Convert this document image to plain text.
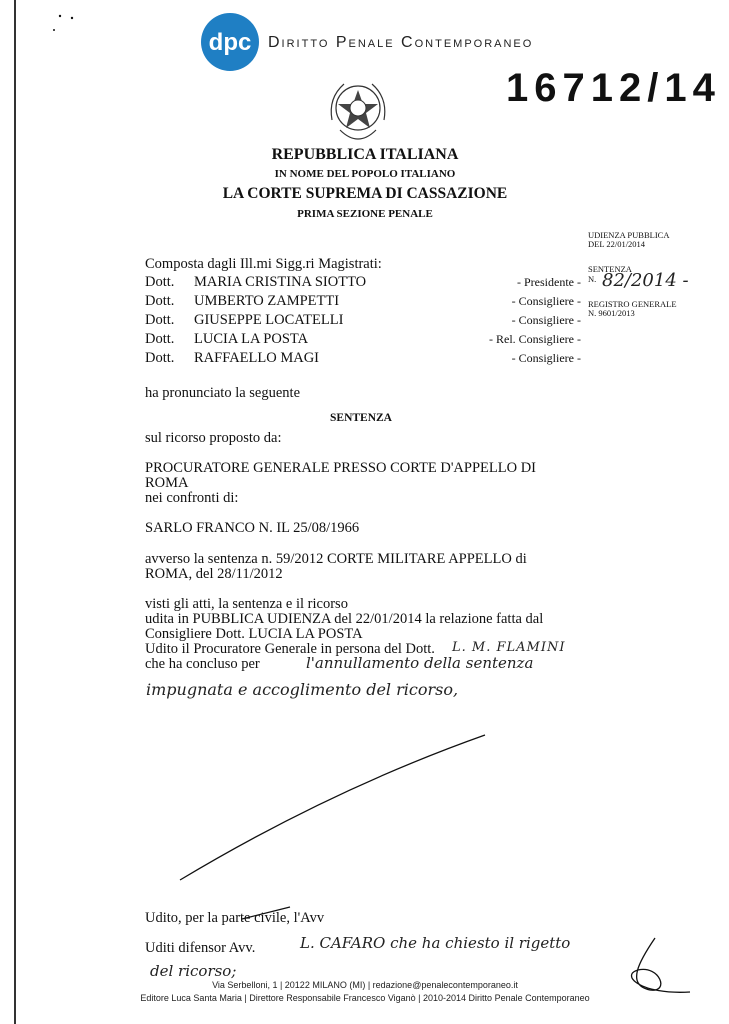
dpc Diritto Penale Contemporaneo
16712/14
REPUBBLICA ITALIANA
IN NOME DEL POPOLO ITALIANO
LA CORTE SUPREMA DI CASSAZIONE
PRIMA SEZIONE PENALE
UDIENZA PUBBLICA
DEL 22/01/2014
SENTENZA
N. 82/2014 -
REGISTRO GENERALE
N. 9601/2013
Composta dagli Ill.mi Sigg.ri Magistrati:
Dott. MARIA CRISTINA SIOTTO	- Presidente -
Dott. UMBERTO ZAMPETTI	- Consigliere -
Dott. GIUSEPPE LOCATELLI	- Consigliere -
Dott. LUCIA LA POSTA	- Rel. Consigliere -
Dott. RAFFAELLO MAGI	- Consigliere -
ha pronunciato la seguente
SENTENZA
sul ricorso proposto da:
PROCURATORE GENERALE PRESSO CORTE D'APPELLO DI
ROMA
nei confronti di:
SARLO FRANCO N. IL 25/08/1966
avverso la sentenza n. 59/2012 CORTE MILITARE APPELLO di
ROMA, del 28/11/2012
visti gli atti, la sentenza e il ricorso
udita in PUBBLICA UDIENZA del 22/01/2014 la relazione fatta dal
Consigliere Dott. LUCIA LA POSTA
Udito il Procuratore Generale in persona del Dott. L. M. FLAMINI
che ha concluso per	l'annullamento della sentenza
impugnata e accoglimento del ricorso,
Udito, per la parte civile, l'Avv
Uditi difensor Avv.	L. CAFARO che ha chiesto il rigetto
del ricorso;
Via Serbelloni, 1 | 20122 MILANO (MI) | redazione@penalecontemporaneo.it
Editore Luca Santa Maria | Direttore Responsabile Francesco Viganò | 2010-2014 Diritto Penale Contemporaneo
